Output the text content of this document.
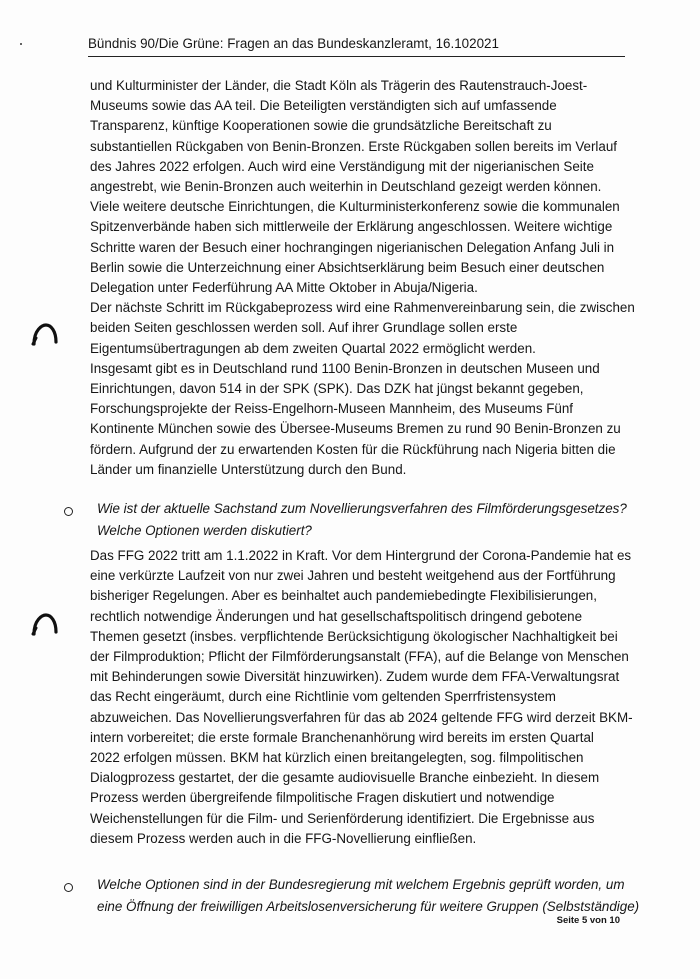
Bündnis 90/Die Grüne: Fragen an das Bundeskanzleramt, 16.102021
und Kulturminister der Länder, die Stadt Köln als Trägerin des Rautenstrauch-Joest-
Museums sowie das AA teil. Die Beteiligten verständigten sich auf umfassende
Transparenz, künftige Kooperationen sowie die grundsätzliche Bereitschaft zu
substantiellen Rückgaben von Benin-Bronzen. Erste Rückgaben sollen bereits im Verlauf
des Jahres 2022 erfolgen. Auch wird eine Verständigung mit der nigerianischen Seite
angestrebt, wie Benin-Bronzen auch weiterhin in Deutschland gezeigt werden können.
Viele weitere deutsche Einrichtungen, die Kulturministerkonferenz sowie die kommunalen
Spitzenverbände haben sich mittlerweile der Erklärung angeschlossen. Weitere wichtige
Schritte waren der Besuch einer hochrangingen nigerianischen Delegation Anfang Juli in
Berlin sowie die Unterzeichnung einer Absichtserklärung beim Besuch einer deutschen
Delegation unter Federführung AA Mitte Oktober in Abuja/Nigeria.
Der nächste Schritt im Rückgabeprozess wird eine Rahmenvereinbarung sein, die zwischen
beiden Seiten geschlossen werden soll. Auf ihrer Grundlage sollen erste
Eigentumsübertragungen ab dem zweiten Quartal 2022 ermöglicht werden.
Insgesamt gibt es in Deutschland rund 1100 Benin-Bronzen in deutschen Museen und
Einrichtungen, davon 514 in der SPK (SPK). Das DZK hat jüngst bekannt gegeben,
Forschungsprojekte der Reiss-Engelhorn-Museen Mannheim, des Museums Fünf
Kontinente München sowie des Übersee-Museums Bremen zu rund 90 Benin-Bronzen zu
fördern. Aufgrund der zu erwartenden Kosten für die Rückführung nach Nigeria bitten die
Länder um finanzielle Unterstützung durch den Bund.
Wie ist der aktuelle Sachstand zum Novellierungsverfahren des Filmförderungsgesetzes?
Welche Optionen werden diskutiert?
Das FFG 2022 tritt am 1.1.2022 in Kraft. Vor dem Hintergrund der Corona-Pandemie hat es
eine verkürzte Laufzeit von nur zwei Jahren und besteht weitgehend aus der Fortführung
bisheriger Regelungen. Aber es beinhaltet auch pandemiebedingte Flexibilisierungen,
rechtlich notwendige Änderungen und hat gesellschaftspolitisch dringend gebotene
Themen gesetzt (insbes. verpflichtende Berücksichtigung ökologischer Nachhaltigkeit bei
der Filmproduktion; Pflicht der Filmförderungsanstalt (FFA), auf die Belange von Menschen
mit Behinderungen sowie Diversität hinzuwirken). Zudem wurde dem FFA-Verwaltungsrat
das Recht eingeräumt, durch eine Richtlinie vom geltenden Sperrfristensystem
abzuweichen. Das Novellierungsverfahren für das ab 2024 geltende FFG wird derzeit BKM-
intern vorbereitet; die erste formale Branchenanhörung wird bereits im ersten Quartal
2022 erfolgen müssen. BKM hat kürzlich einen breitangelegten, sog. filmpolitischen
Dialogprozess gestartet, der die gesamte audiovisuelle Branche einbezieht. In diesem
Prozess werden übergreifende filmpolitische Fragen diskutiert und notwendige
Weichenstellungen für die Film- und Serienförderung identifiziert. Die Ergebnisse aus
diesem Prozess werden auch in die FFG-Novellierung einfließen.
Welche Optionen sind in der Bundesregierung mit welchem Ergebnis geprüft worden, um
eine Öffnung der freiwilligen Arbeitslosenversicherung für weitere Gruppen (Selbstständige)
Seite 5 von 10
